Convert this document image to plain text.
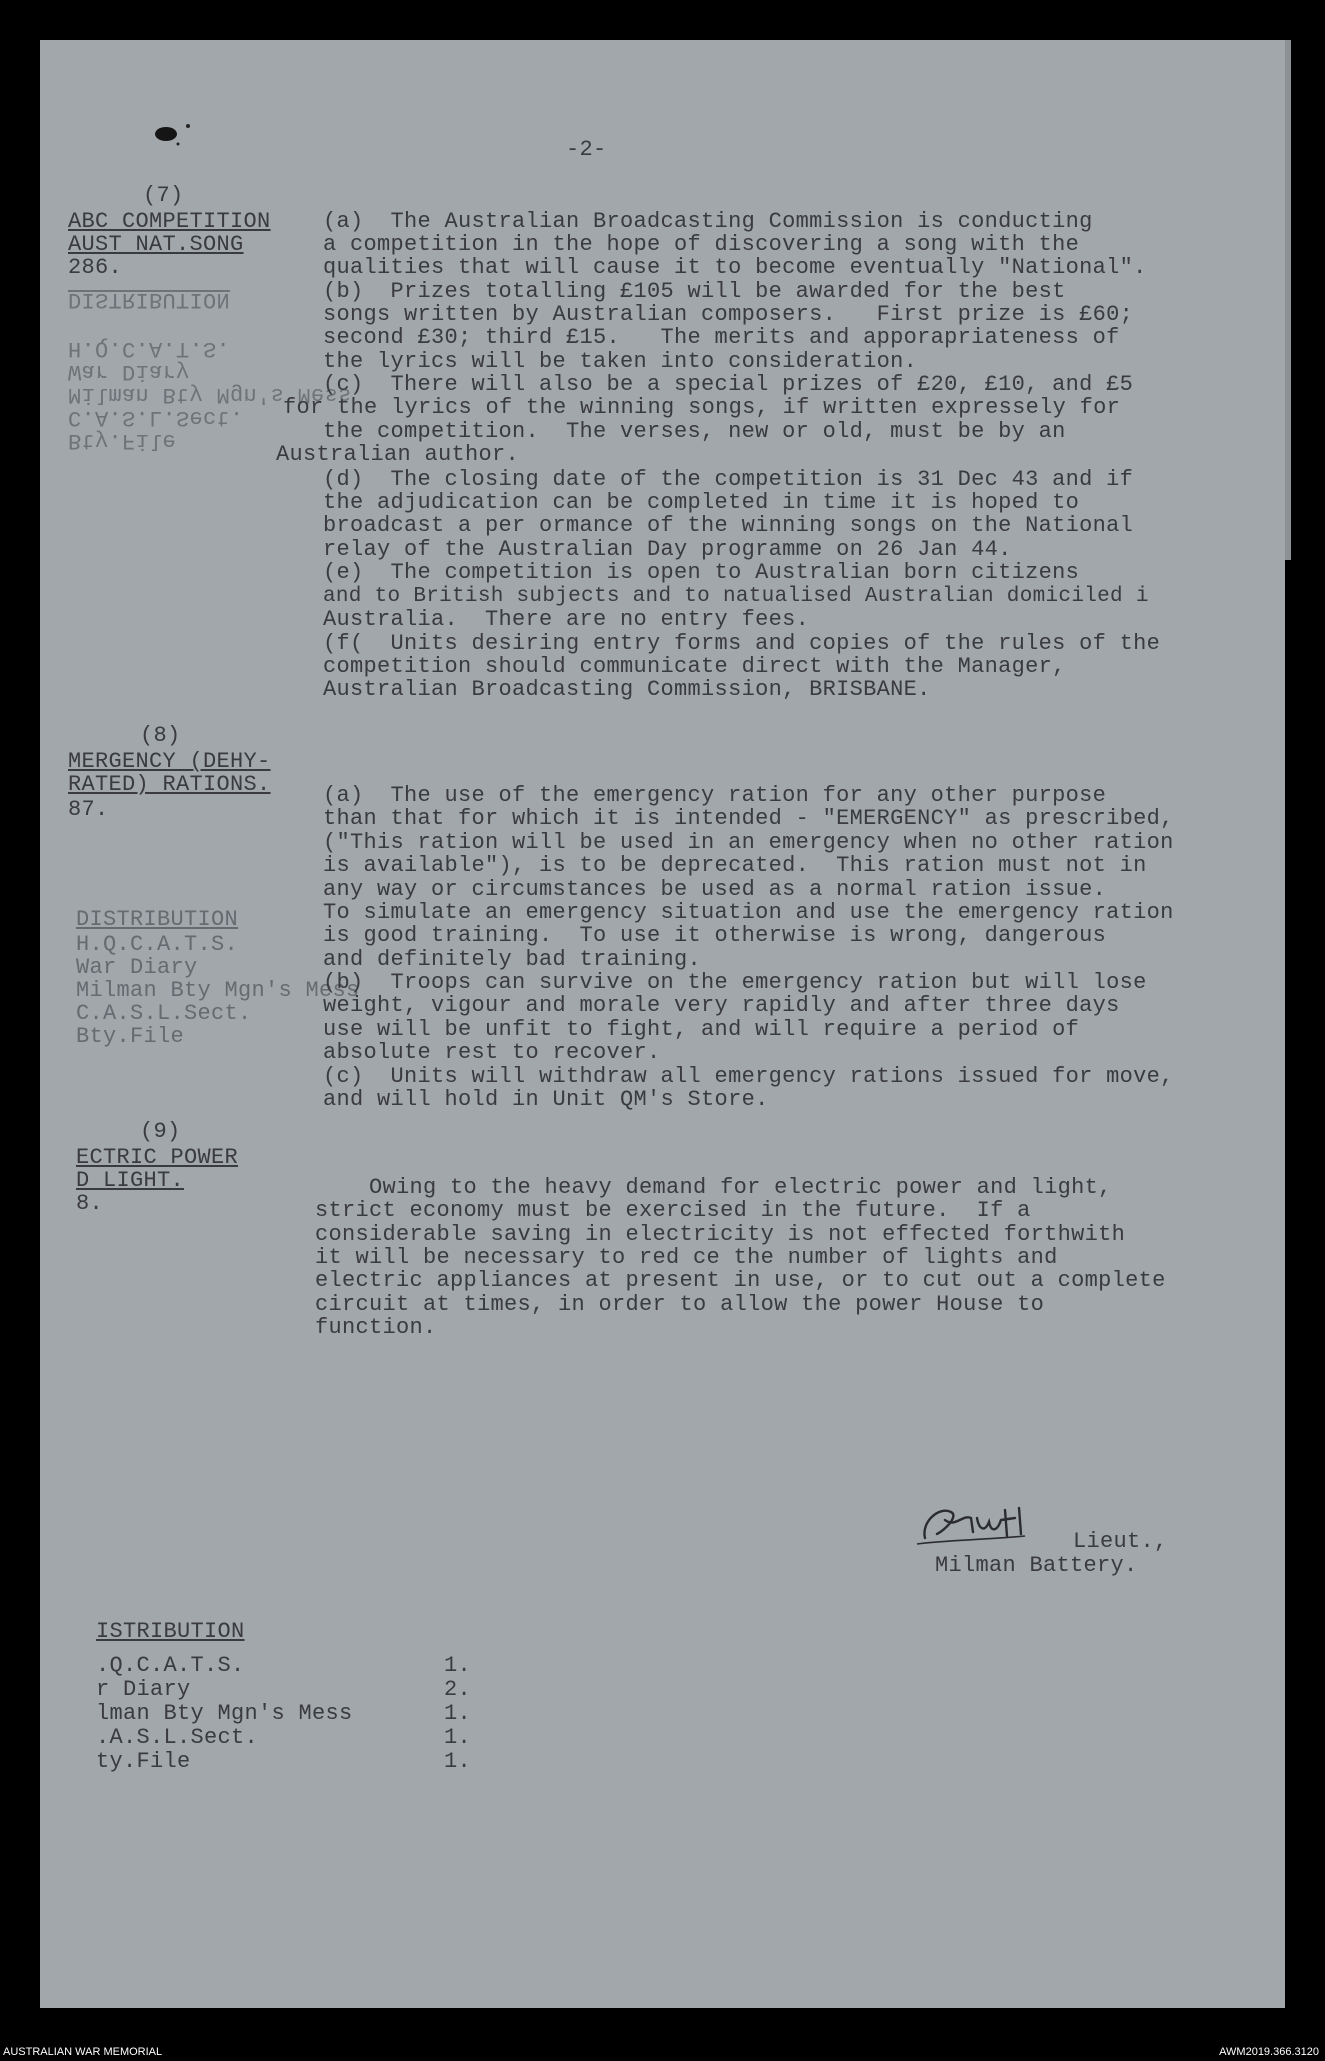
-2-
(7)
ABC COMPETITION
AUST NAT.SONG
286.
Bty.File
C.A.S.L.Sect.
Milman Bty Mgn's Mess
War Diary
H.Q.C.A.T.S.
DISTRIBUTION
(a)  The Australian Broadcasting Commission is conducting
a competition in the hope of discovering a song with the
qualities that will cause it to become eventually "National".
(b)  Prizes totalling £105 will be awarded for the best
songs written by Australian composers.   First prize is £60;
second £30; third £15.   The merits and apporapriateness of
the lyrics will be taken into consideration.
(c)  There will also be a special prizes of £20, £10, and £5
for the lyrics of the winning songs, if written expressely for
the competition.  The verses, new or old, must be by an
Australian author.
(d)  The closing date of the competition is 31 Dec 43 and if
the adjudication can be completed in time it is hoped to
broadcast a per ormance of the winning songs on the National
relay of the Australian Day programme on 26 Jan 44.
(e)  The competition is open to Australian born citizens
and to British subjects and to natualised Australian domiciled i
Australia.  There are no entry fees.
(f(  Units desiring entry forms and copies of the rules of the
competition should communicate direct with the Manager,
Australian Broadcasting Commission, BRISBANE.
(8)
MERGENCY (DEHY-
RATED) RATIONS.
87.
DISTRIBUTION
H.Q.C.A.T.S.
War Diary
Milman Bty Mgn's Mess
C.A.S.L.Sect.
Bty.File
(a)  The use of the emergency ration for any other purpose
than that for which it is intended - "EMERGENCY" as prescribed,
("This ration will be used in an emergency when no other ration
is available"), is to be deprecated.  This ration must not in
any way or circumstances be used as a normal ration issue.
To simulate an emergency situation and use the emergency ration
is good training.  To use it otherwise is wrong, dangerous
and definitely bad training.
(b)  Troops can survive on the emergency ration but will lose
weight, vigour and morale very rapidly and after three days
use will be unfit to fight, and will require a period of
absolute rest to recover.
(c)  Units will withdraw all emergency rations issued for move,
and will hold in Unit QM's Store.
(9)
ECTRIC POWER
D LIGHT.
8.
Owing to the heavy demand for electric power and light,
strict economy must be exercised in the future.  If a
considerable saving in electricity is not effected forthwith
it will be necessary to red ce the number of lights and
electric appliances at present in use, or to cut out a complete
circuit at times, in order to allow the power House to
function.
Lieut.,
Milman Battery.
ISTRIBUTION
.Q.C.A.T.S.	1.
r Diary	2.
lman Bty Mgn's Mess	1.
.A.S.L.Sect.	1.
ty.File	1.
AUSTRALIAN WAR MEMORIAL	AWM2019.366.3120
